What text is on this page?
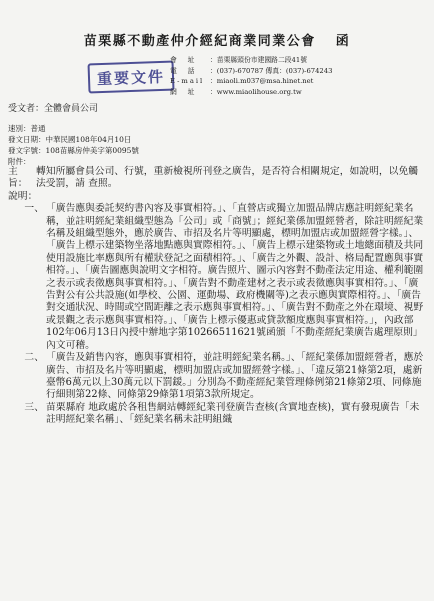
苗栗縣不動產仲介經紀商業同業公會 函
重要文件
會　址 ：苗栗縣頭份市建國路二段41號
電　話 ：(037)-670787 傳真：(037)-674243
E-mail ：miaoli.m037@msa.hinet.net
網　址 ：www.miaolihouse.org.tw
受文者：全體會員公司
速別：普通
發文日期：中華民國108年04月10日
發文字號：108苗縣房仲美字第0095號
附件：
主旨：
轉知所屬會員公司、行號，重新檢視所刊登之廣告，是否符合相關規定，如說明，以免觸法受罰，請 查照。
說明：
一、 「廣告應與委託契約書內容及事實相符。」、「直營店或獨立加盟品牌店應註明經紀業名稱，並註明經紀業組織型態為「公司」或「商號」；經紀業係加盟經營者，除註明經紀業名稱及組織型態外，應於廣告、市招及名片等明顯處，標明加盟店或加盟經營字樣。」、「廣告上標示建築物坐落地點應與實際相符。」、「廣告上標示建築物或土地總面積及共同使用設施比率應與所有權狀登記之面積相符。」、「廣告之外觀、設計、格局配置應與事實相符。」、「廣告圖應與說明文字相符。廣告照片、圖示內容對不動產法定用途、權利範圍之表示或表徵應與事實相符。」、「廣告對不動產建材之表示或表徵應與事實相符。」、「廣告對公有公共設施(如學校、公園、運動場、政府機關等)之表示應與實際相符。」、「廣告對交通狀況、時間或空間距離之表示應與事實相符。」、「廣告對不動產之外在環境、視野或景觀之表示應與事實相符。」、「廣告上標示優惠或貸款額度應與事實相符。」，內政部102年06月13日內授中辦地字第10266511621號函頒「不動產經紀業廣告處理原則」內文可稽。
二、 「廣告及銷售內容，應與事實相符，並註明經紀業名稱。」、「經紀業係加盟經營者，應於廣告、市招及名片等明顯處，標明加盟店或加盟經營字樣。」、「違反第21條第2項，處新臺幣6萬元以上30萬元以下罰鍰。」分別為不動產經紀業管理條例第21條第2項、同條施行細則第22條、同條第29條第1項第3款所規定。
三、 苗栗縣府 地政處於各租售網站轉經紀業刊登廣告查核(含實地查核)，實有發現廣告「未註明經紀業名稱」、「經紀業名稱未註明組織
